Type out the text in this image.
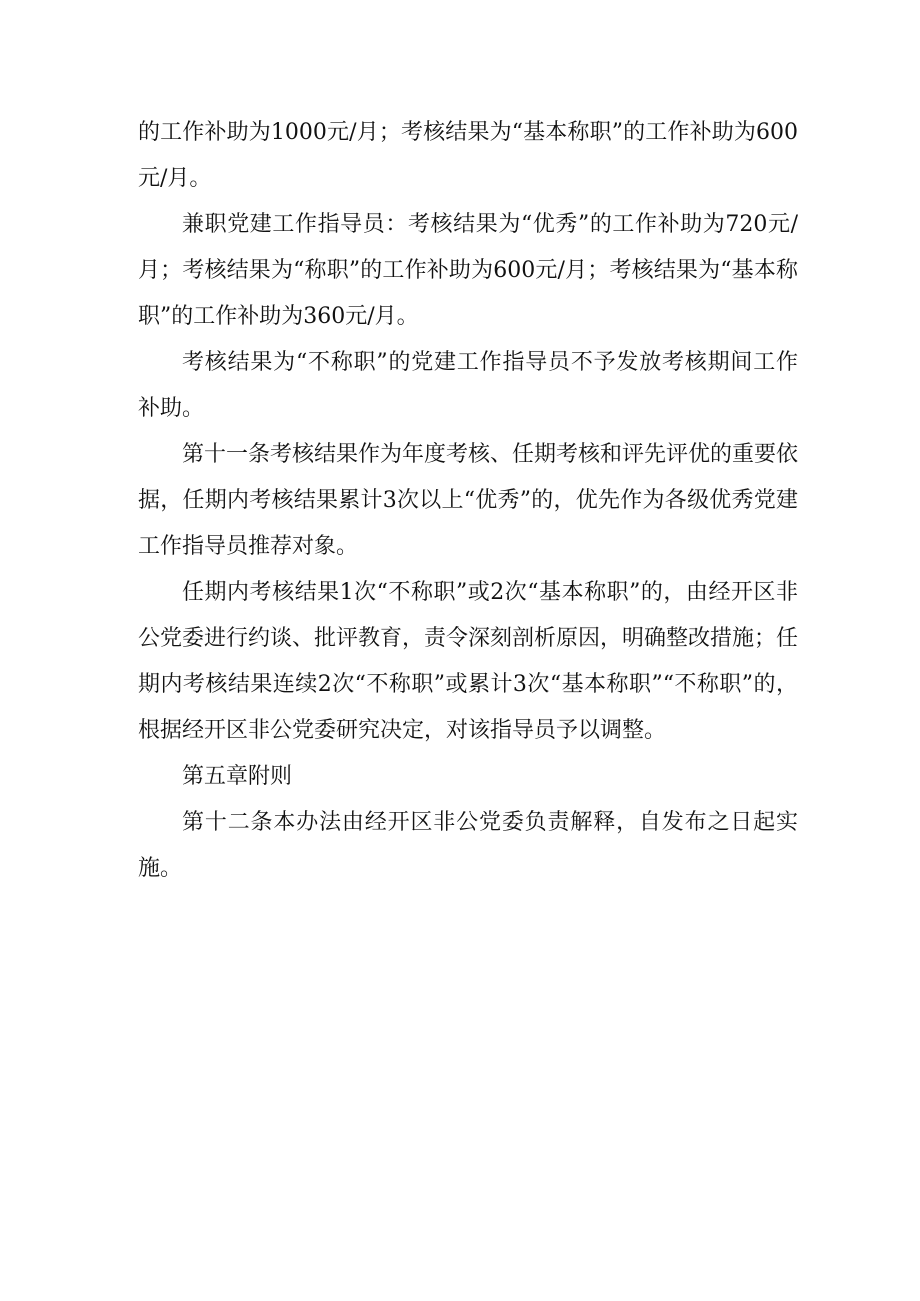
的工作补助为1000元/月；考核结果为“基本称职”的工作补助为600元/月。

兼职党建工作指导员：考核结果为“优秀”的工作补助为720元/月；考核结果为“称职”的工作补助为600元/月；考核结果为“基本称职”的工作补助为360元/月。

考核结果为“不称职”的党建工作指导员不予发放考核期间工作补助。

第十一条考核结果作为年度考核、任期考核和评先评优的重要依据，任期内考核结果累计3次以上“优秀”的，优先作为各级优秀党建工作指导员推荐对象。

任期内考核结果1次“不称职”或2次“基本称职”的，由经开区非公党委进行约谈、批评教育，责令深刻剖析原因，明确整改措施；任期内考核结果连续2次“不称职”或累计3次“基本称职”“不称职”的，根据经开区非公党委研究决定，对该指导员予以调整。

第五章附则

第十二条本办法由经开区非公党委负责解释，自发布之日起实施。
